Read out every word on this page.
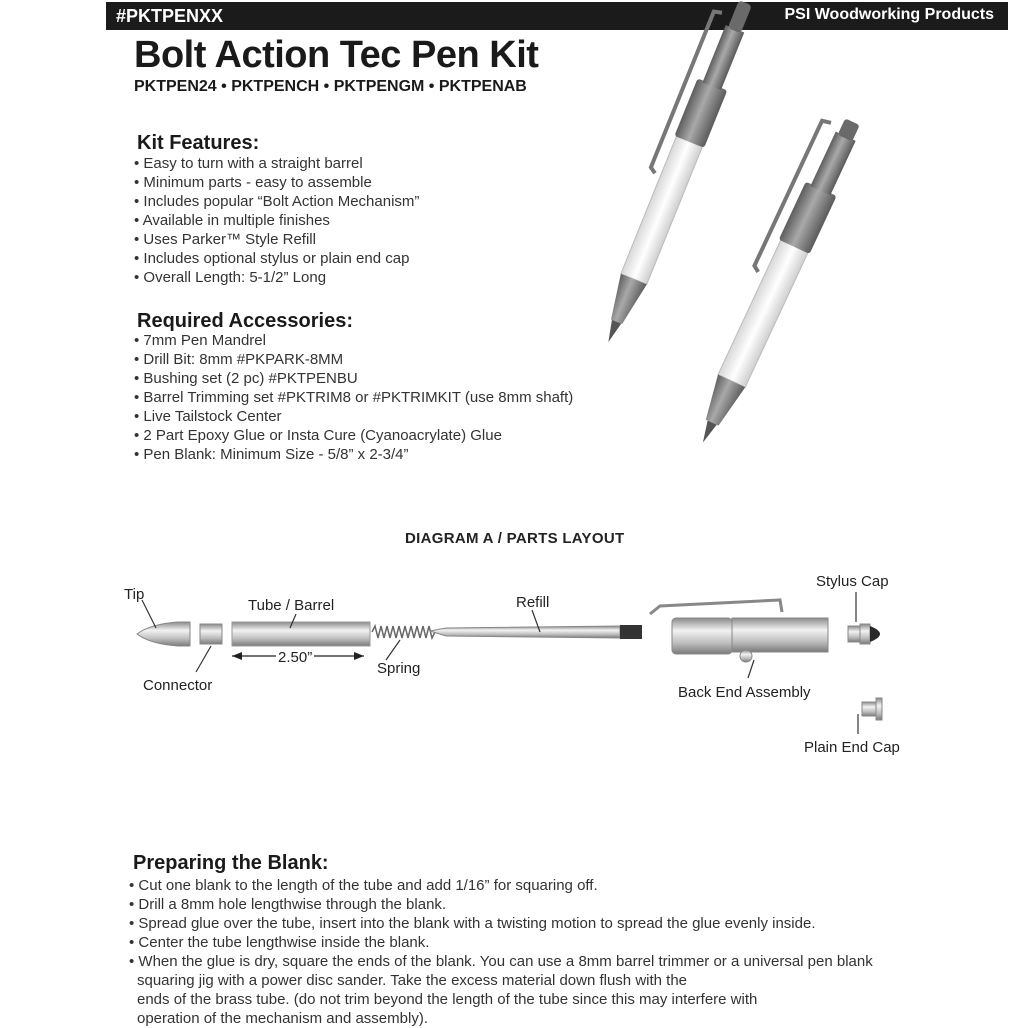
#PKTPENXX	PSI Woodworking Products
Bolt Action Tec Pen Kit
PKTPEN24 • PKTPENCH • PKTPENGM • PKTPENAB
Kit Features:
• Easy to turn with a straight barrel
• Minimum parts - easy to assemble
• Includes popular “Bolt Action Mechanism”
• Available in multiple finishes
• Uses Parker™ Style Refill
• Includes optional stylus or plain end cap
• Overall Length: 5-1/2” Long
Required Accessories:
• 7mm Pen Mandrel
• Drill Bit: 8mm #PKPARK-8MM
• Bushing set (2 pc) #PKTPENBU
• Barrel Trimming set #PKTRIM8 or #PKTRIMKIT (use 8mm shaft)
• Live Tailstock Center
• 2 Part Epoxy Glue or Insta Cure (Cyanoacrylate) Glue
• Pen Blank: Minimum Size - 5/8” x 2-3/4”
DIAGRAM A / PARTS LAYOUT
Tip
Tube / Barrel
Connector
2.50”
Spring
Refill
Back End Assembly
Stylus Cap
Plain End Cap
Preparing the Blank:
• Cut one blank to the length of the tube and add 1/16” for squaring off.
• Drill a 8mm hole lengthwise through the blank.
• Spread glue over the tube, insert into the blank with a twisting motion to spread the glue evenly inside.
• Center the tube lengthwise inside the blank.
• When the glue is dry, square the ends of the blank. You can use a 8mm barrel trimmer or a universal pen blank
squaring jig with a power disc sander. Take the excess material down flush with the
ends of the brass tube. (do not trim beyond the length of the tube since this may interfere with
operation of the mechanism and assembly).
